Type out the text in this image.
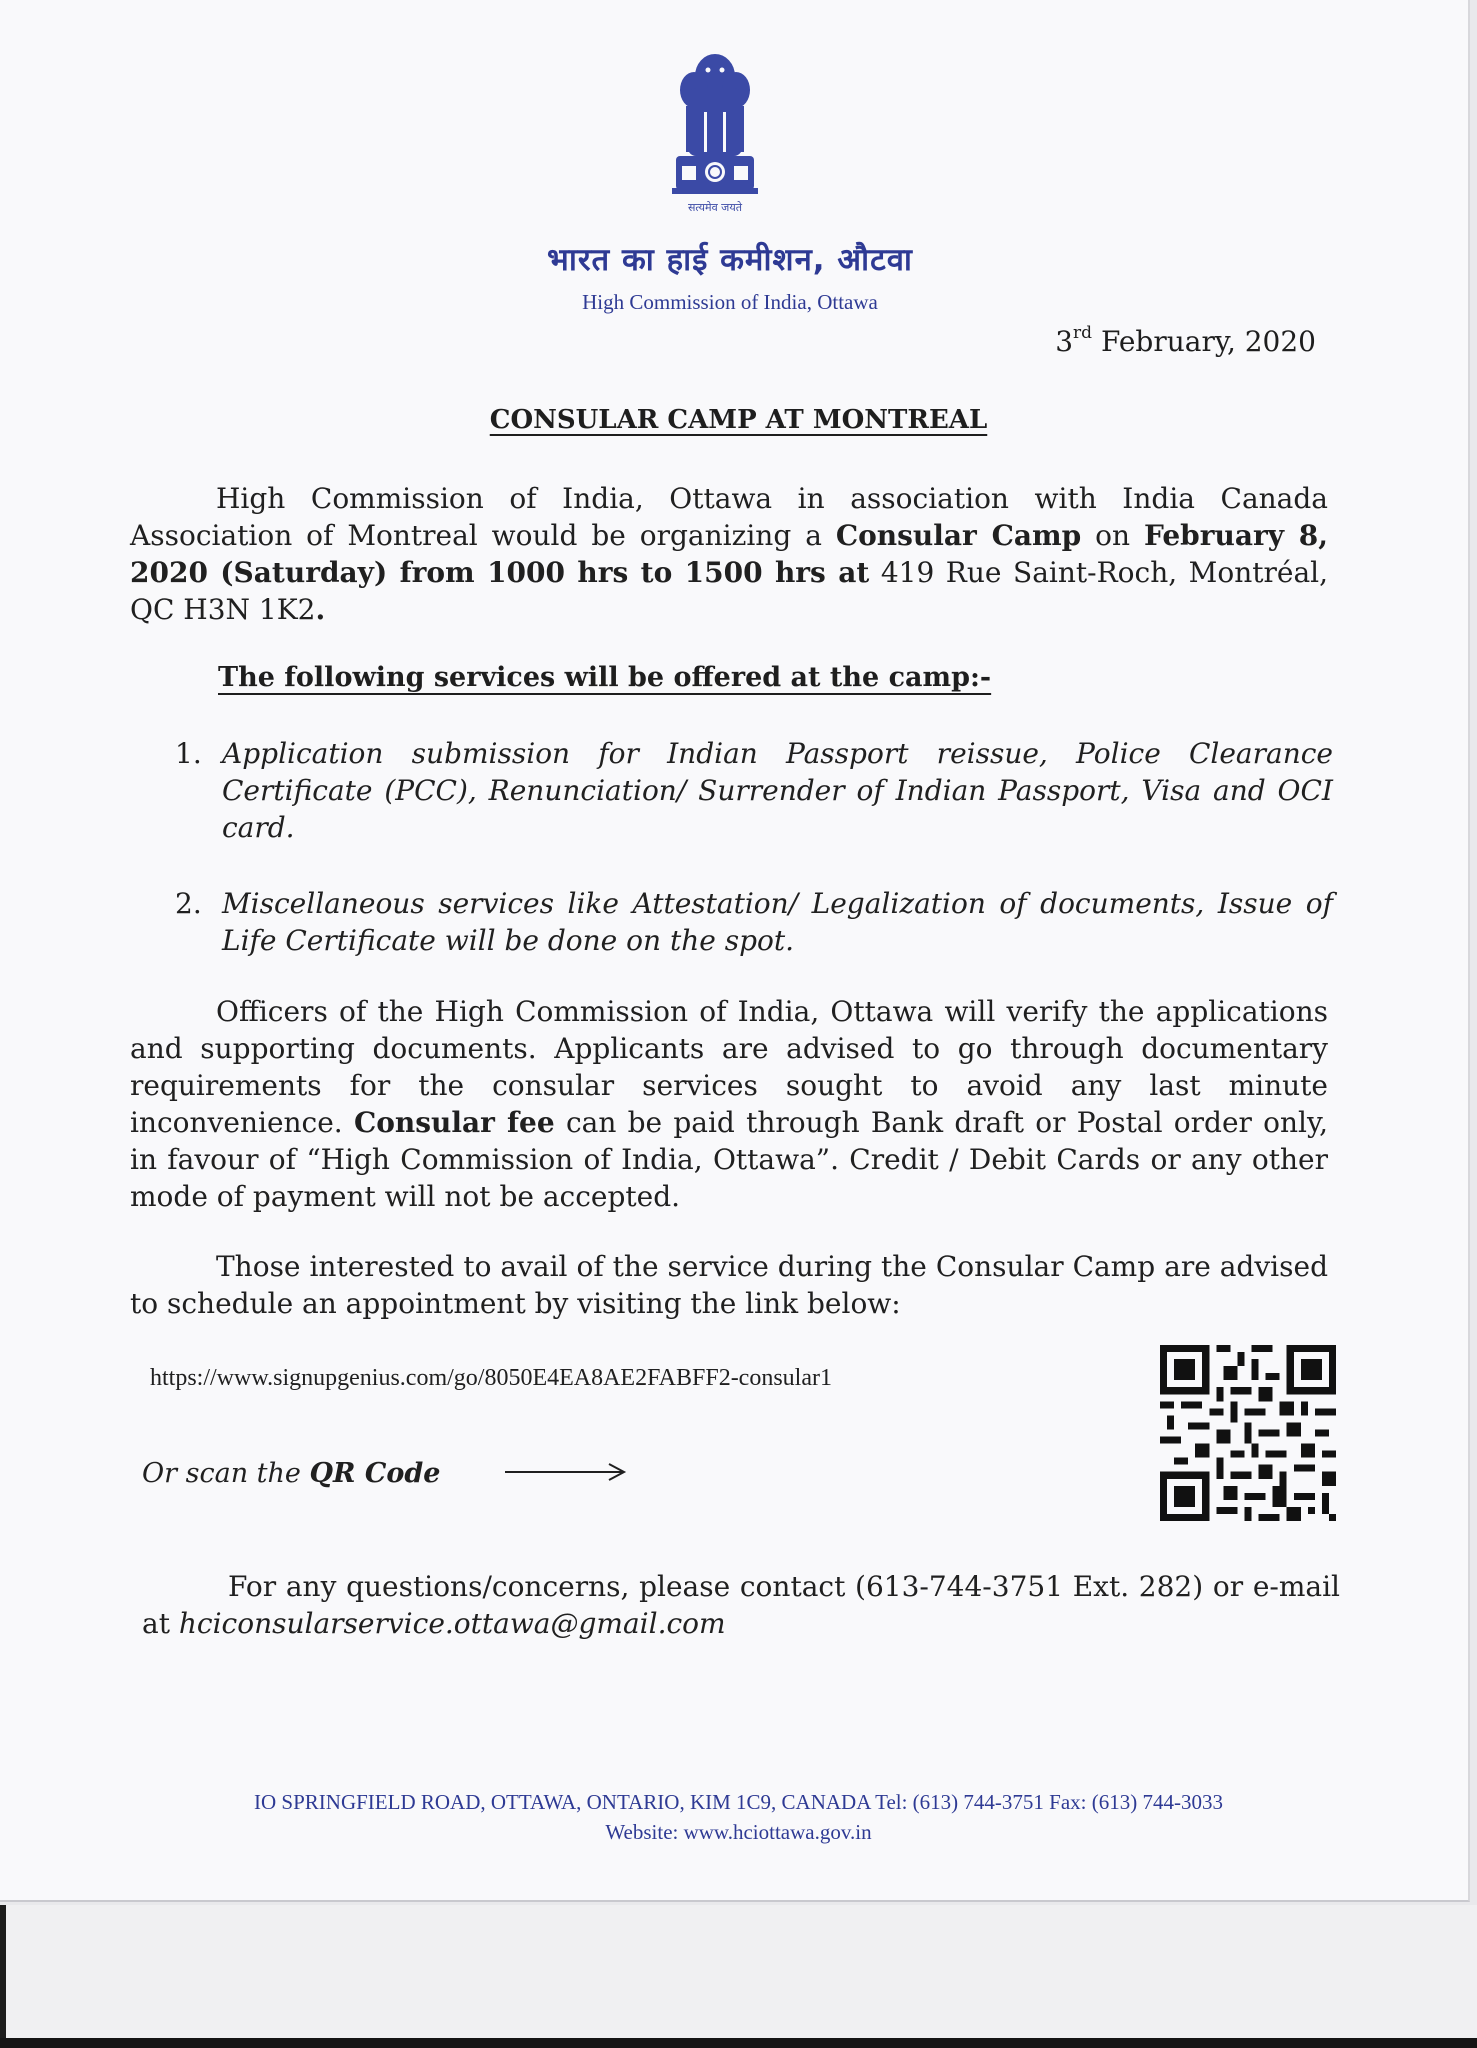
सत्यमेव जयते
भारत का हाई कमीशन, औटवा
High Commission of India, Ottawa
3rd February, 2020
CONSULAR CAMP AT MONTREAL
High Commission of India, Ottawa in association with India Canada Association of Montreal would be organizing a Consular Camp on February 8, 2020 (Saturday) from 1000 hrs to 1500 hrs at 419 Rue Saint-Roch, Montréal, QC H3N 1K2.
The following services will be offered at the camp:-
1. Application submission for Indian Passport reissue, Police Clearance Certificate (PCC), Renunciation/ Surrender of Indian Passport, Visa and OCI card.
2. Miscellaneous services like Attestation/ Legalization of documents, Issue of Life Certificate will be done on the spot.
Officers of the High Commission of India, Ottawa will verify the applications and supporting documents. Applicants are advised to go through documentary requirements for the consular services sought to avoid any last minute inconvenience. Consular fee can be paid through Bank draft or Postal order only, in favour of “High Commission of India, Ottawa”. Credit / Debit Cards or any other mode of payment will not be accepted.
Those interested to avail of the service during the Consular Camp are advised to schedule an appointment by visiting the link below:
https://www.signupgenius.com/go/8050E4EA8AE2FABFF2-consular1
Or scan the QR Code
For any questions/concerns, please contact (613-744-3751 Ext. 282) or e-mail at hciconsularservice.ottawa@gmail.com
IO SPRINGFIELD ROAD, OTTAWA, ONTARIO, KIM 1C9, CANADA Tel: (613) 744-3751 Fax: (613) 744-3033
Website: www.hciottawa.gov.in
